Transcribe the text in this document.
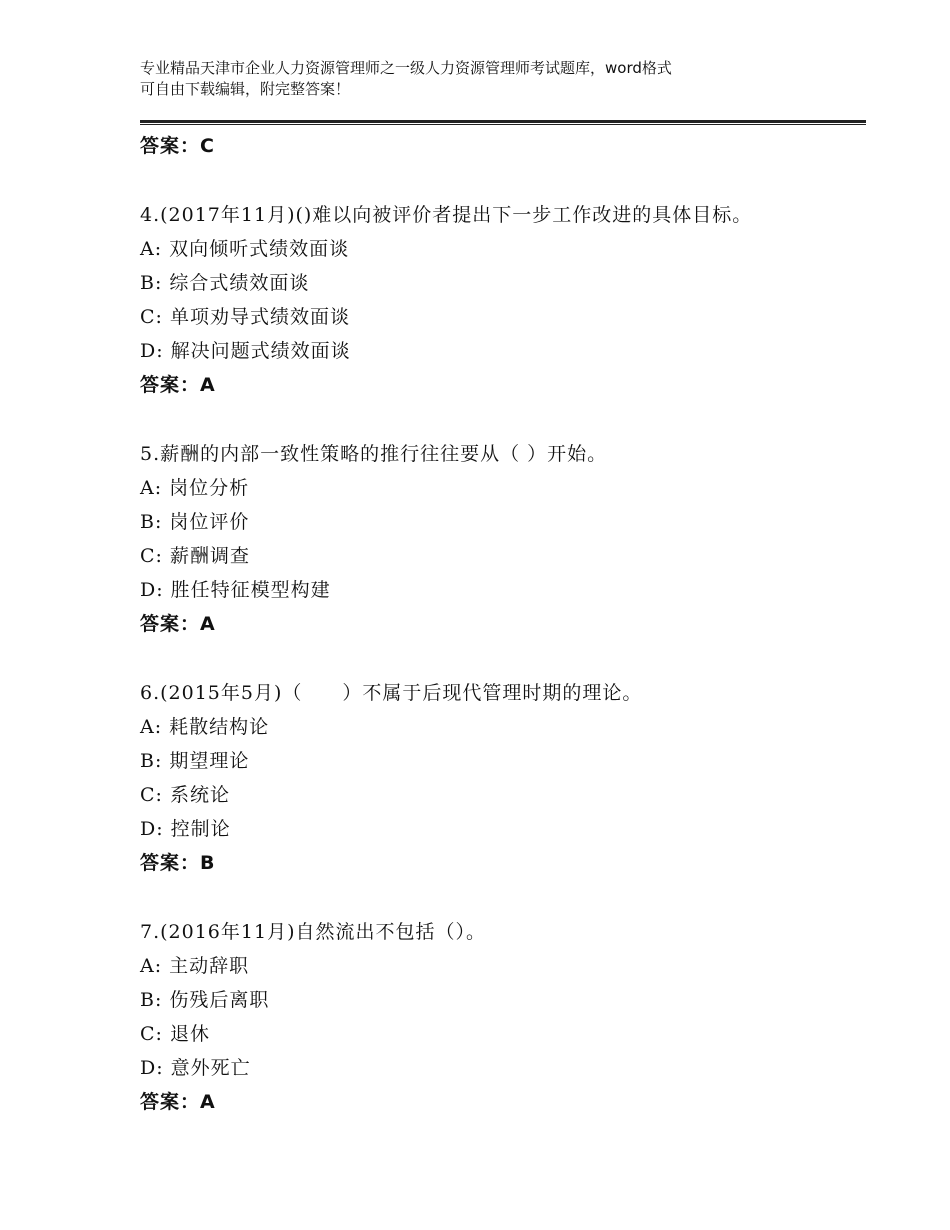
专业精品天津市企业人力资源管理师之一级人力资源管理师考试题库，word格式
可自由下载编辑，附完整答案！
答案：C
4.(2017年11月)()难以向被评价者提出下一步工作改进的具体目标。
A: 双向倾听式绩效面谈
B: 综合式绩效面谈
C: 单项劝导式绩效面谈
D: 解决问题式绩效面谈
答案：A
5.薪酬的内部一致性策略的推行往往要从（ ）开始。
A: 岗位分析
B: 岗位评价
C: 薪酬调查
D: 胜任特征模型构建
答案：A
6.(2015年5月)（　　）不属于后现代管理时期的理论。
A: 耗散结构论
B: 期望理论
C: 系统论
D: 控制论
答案：B
7.(2016年11月)自然流出不包括（）。
A: 主动辞职
B: 伤残后离职
C: 退休
D: 意外死亡
答案：A
